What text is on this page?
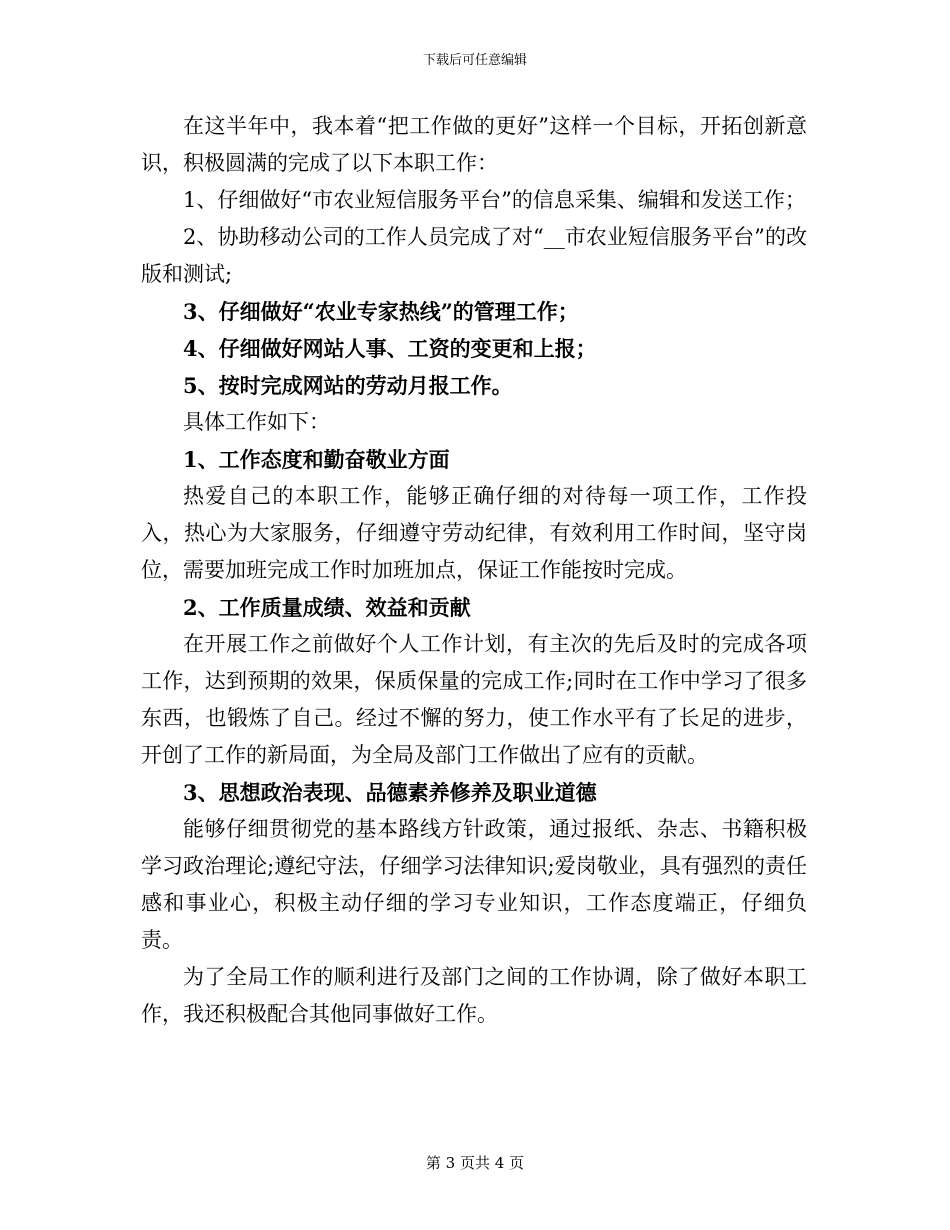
下载后可任意编辑

在这半年中，我本着“把工作做的更好”这样一个目标，开拓创新意识，积极圆满的完成了以下本职工作：

1、仔细做好“市农业短信服务平台”的信息采集、编辑和发送工作；

2、协助移动公司的工作人员完成了对“__市农业短信服务平台”的改版和测试;

3、仔细做好“农业专家热线”的管理工作；

4、仔细做好网站人事、工资的变更和上报；

5、按时完成网站的劳动月报工作。

具体工作如下：

1、工作态度和勤奋敬业方面

热爱自己的本职工作，能够正确仔细的对待每一项工作，工作投入，热心为大家服务，仔细遵守劳动纪律，有效利用工作时间，坚守岗位，需要加班完成工作时加班加点，保证工作能按时完成。

2、工作质量成绩、效益和贡献

在开展工作之前做好个人工作计划，有主次的先后及时的完成各项工作，达到预期的效果，保质保量的完成工作;同时在工作中学习了很多东西，也锻炼了自己。经过不懈的努力，使工作水平有了长足的进步，开创了工作的新局面，为全局及部门工作做出了应有的贡献。

3、思想政治表现、品德素养修养及职业道德

能够仔细贯彻党的基本路线方针政策，通过报纸、杂志、书籍积极学习政治理论;遵纪守法，仔细学习法律知识;爱岗敬业，具有强烈的责任感和事业心，积极主动仔细的学习专业知识，工作态度端正，仔细负责。

为了全局工作的顺利进行及部门之间的工作协调，除了做好本职工作，我还积极配合其他同事做好工作。

第 3 页共 4 页
